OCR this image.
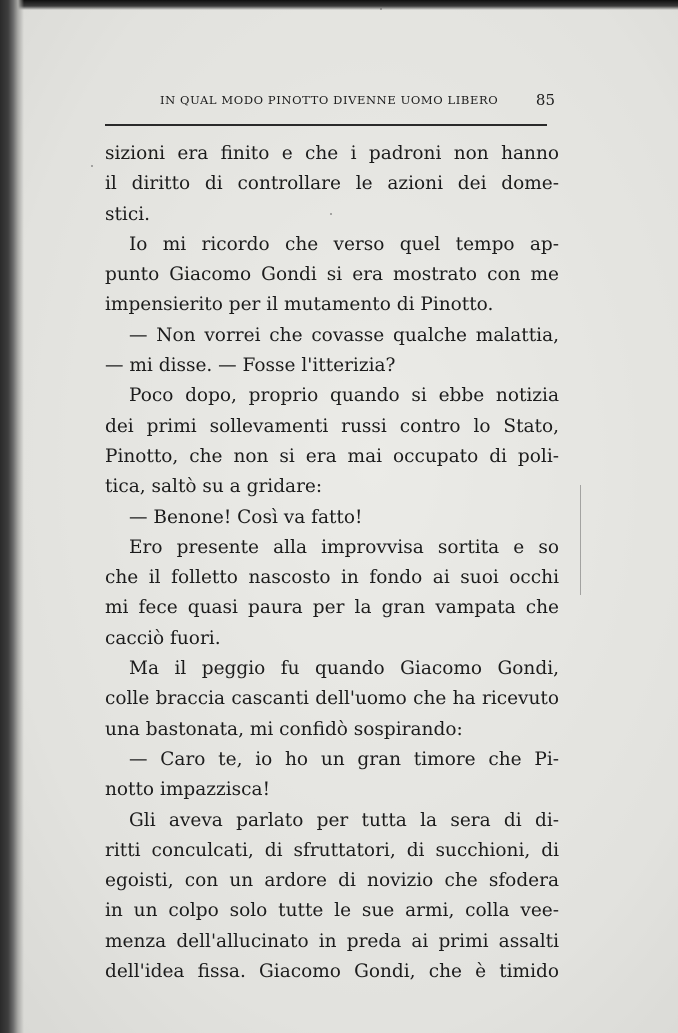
IN QUAL MODO PINOTTO DIVENNE UOMO LIBERO	85
sizioni era finito e che i padroni non hanno
il diritto di controllare le azioni dei dome-
stici.
Io mi ricordo che verso quel tempo ap-
punto Giacomo Gondi si era mostrato con me
impensierito per il mutamento di Pinotto.
— Non vorrei che covasse qualche malattia,
— mi disse. — Fosse l'itterizia?
Poco dopo, proprio quando si ebbe notizia
dei primi sollevamenti russi contro lo Stato,
Pinotto, che non si era mai occupato di poli-
tica, saltò su a gridare:
— Benone! Così va fatto!
Ero presente alla improvvisa sortita e so
che il folletto nascosto in fondo ai suoi occhi
mi fece quasi paura per la gran vampata che
cacciò fuori.
Ma il peggio fu quando Giacomo Gondi,
colle braccia cascanti dell'uomo che ha ricevuto
una bastonata, mi confidò sospirando:
— Caro te, io ho un gran timore che Pi-
notto impazzisca!
Gli aveva parlato per tutta la sera di di-
ritti conculcati, di sfruttatori, di succhioni, di
egoisti, con un ardore di novizio che sfodera
in un colpo solo tutte le sue armi, colla vee-
menza dell'allucinato in preda ai primi assalti
dell'idea fissa. Giacomo Gondi, che è timido
